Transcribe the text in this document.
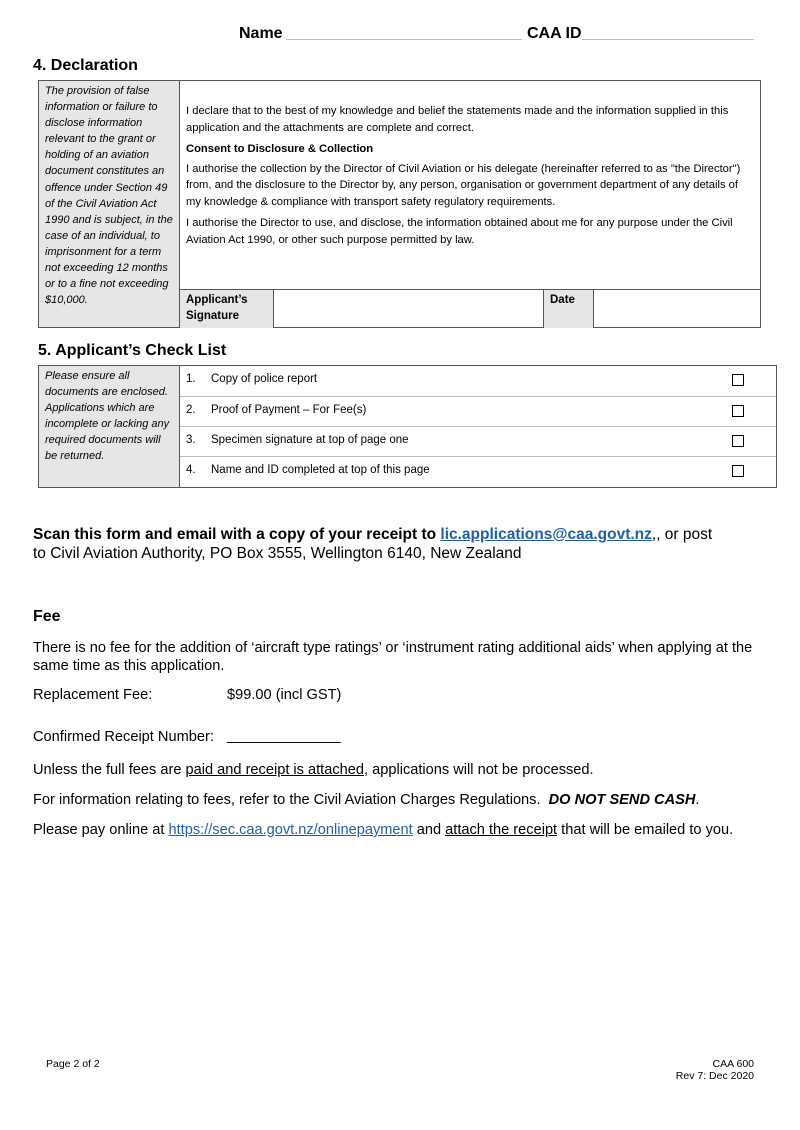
Name	CAA ID
4. Declaration
The provision of false information or failure to disclose information relevant to the grant or holding of an aviation document constitutes an offence under Section 49 of the Civil Aviation Act 1990 and is subject, in the case of an individual, to imprisonment for a term not exceeding 12 months or to a fine not exceeding $10,000.

I declare that to the best of my knowledge and belief the statements made and the information supplied in this application and the attachments are complete and correct.

Consent to Disclosure & Collection

I authorise the collection by the Director of Civil Aviation or his delegate (hereinafter referred to as "the Director") from, and the disclosure to the Director by, any person, organisation or government department of any details of my knowledge & compliance with transport safety regulatory requirements.

I authorise the Director to use, and disclose, the information obtained about me for any purpose under the Civil Aviation Act 1990, or other such purpose permitted by law.

Applicant’s Signature
Date
5. Applicant’s Check List
Please ensure all documents are enclosed. Applications which are incomplete or lacking any required documents will be returned.
1. Copy of police report
2. Proof of Payment – For Fee(s)
3. Specimen signature at top of page one
4. Name and ID completed at top of this page
Scan this form and email with a copy of your receipt to lic.applications@caa.govt.nz,, or post
to Civil Aviation Authority, PO Box 3555, Wellington 6140, New Zealand
Fee
There is no fee for the addition of ‘aircraft type ratings’ or ‘instrument rating additional aids’ when applying at the same time as this application.
Replacement Fee:	$99.00 (incl GST)
Confirmed Receipt Number: ______________
Unless the full fees are paid and receipt is attached, applications will not be processed.
For information relating to fees, refer to the Civil Aviation Charges Regulations.  DO NOT SEND CASH.
Please pay online at https://sec.caa.govt.nz/onlinepayment and attach the receipt that will be emailed to you.
Page 2 of 2	CAA 600
Rev 7: Dec 2020
